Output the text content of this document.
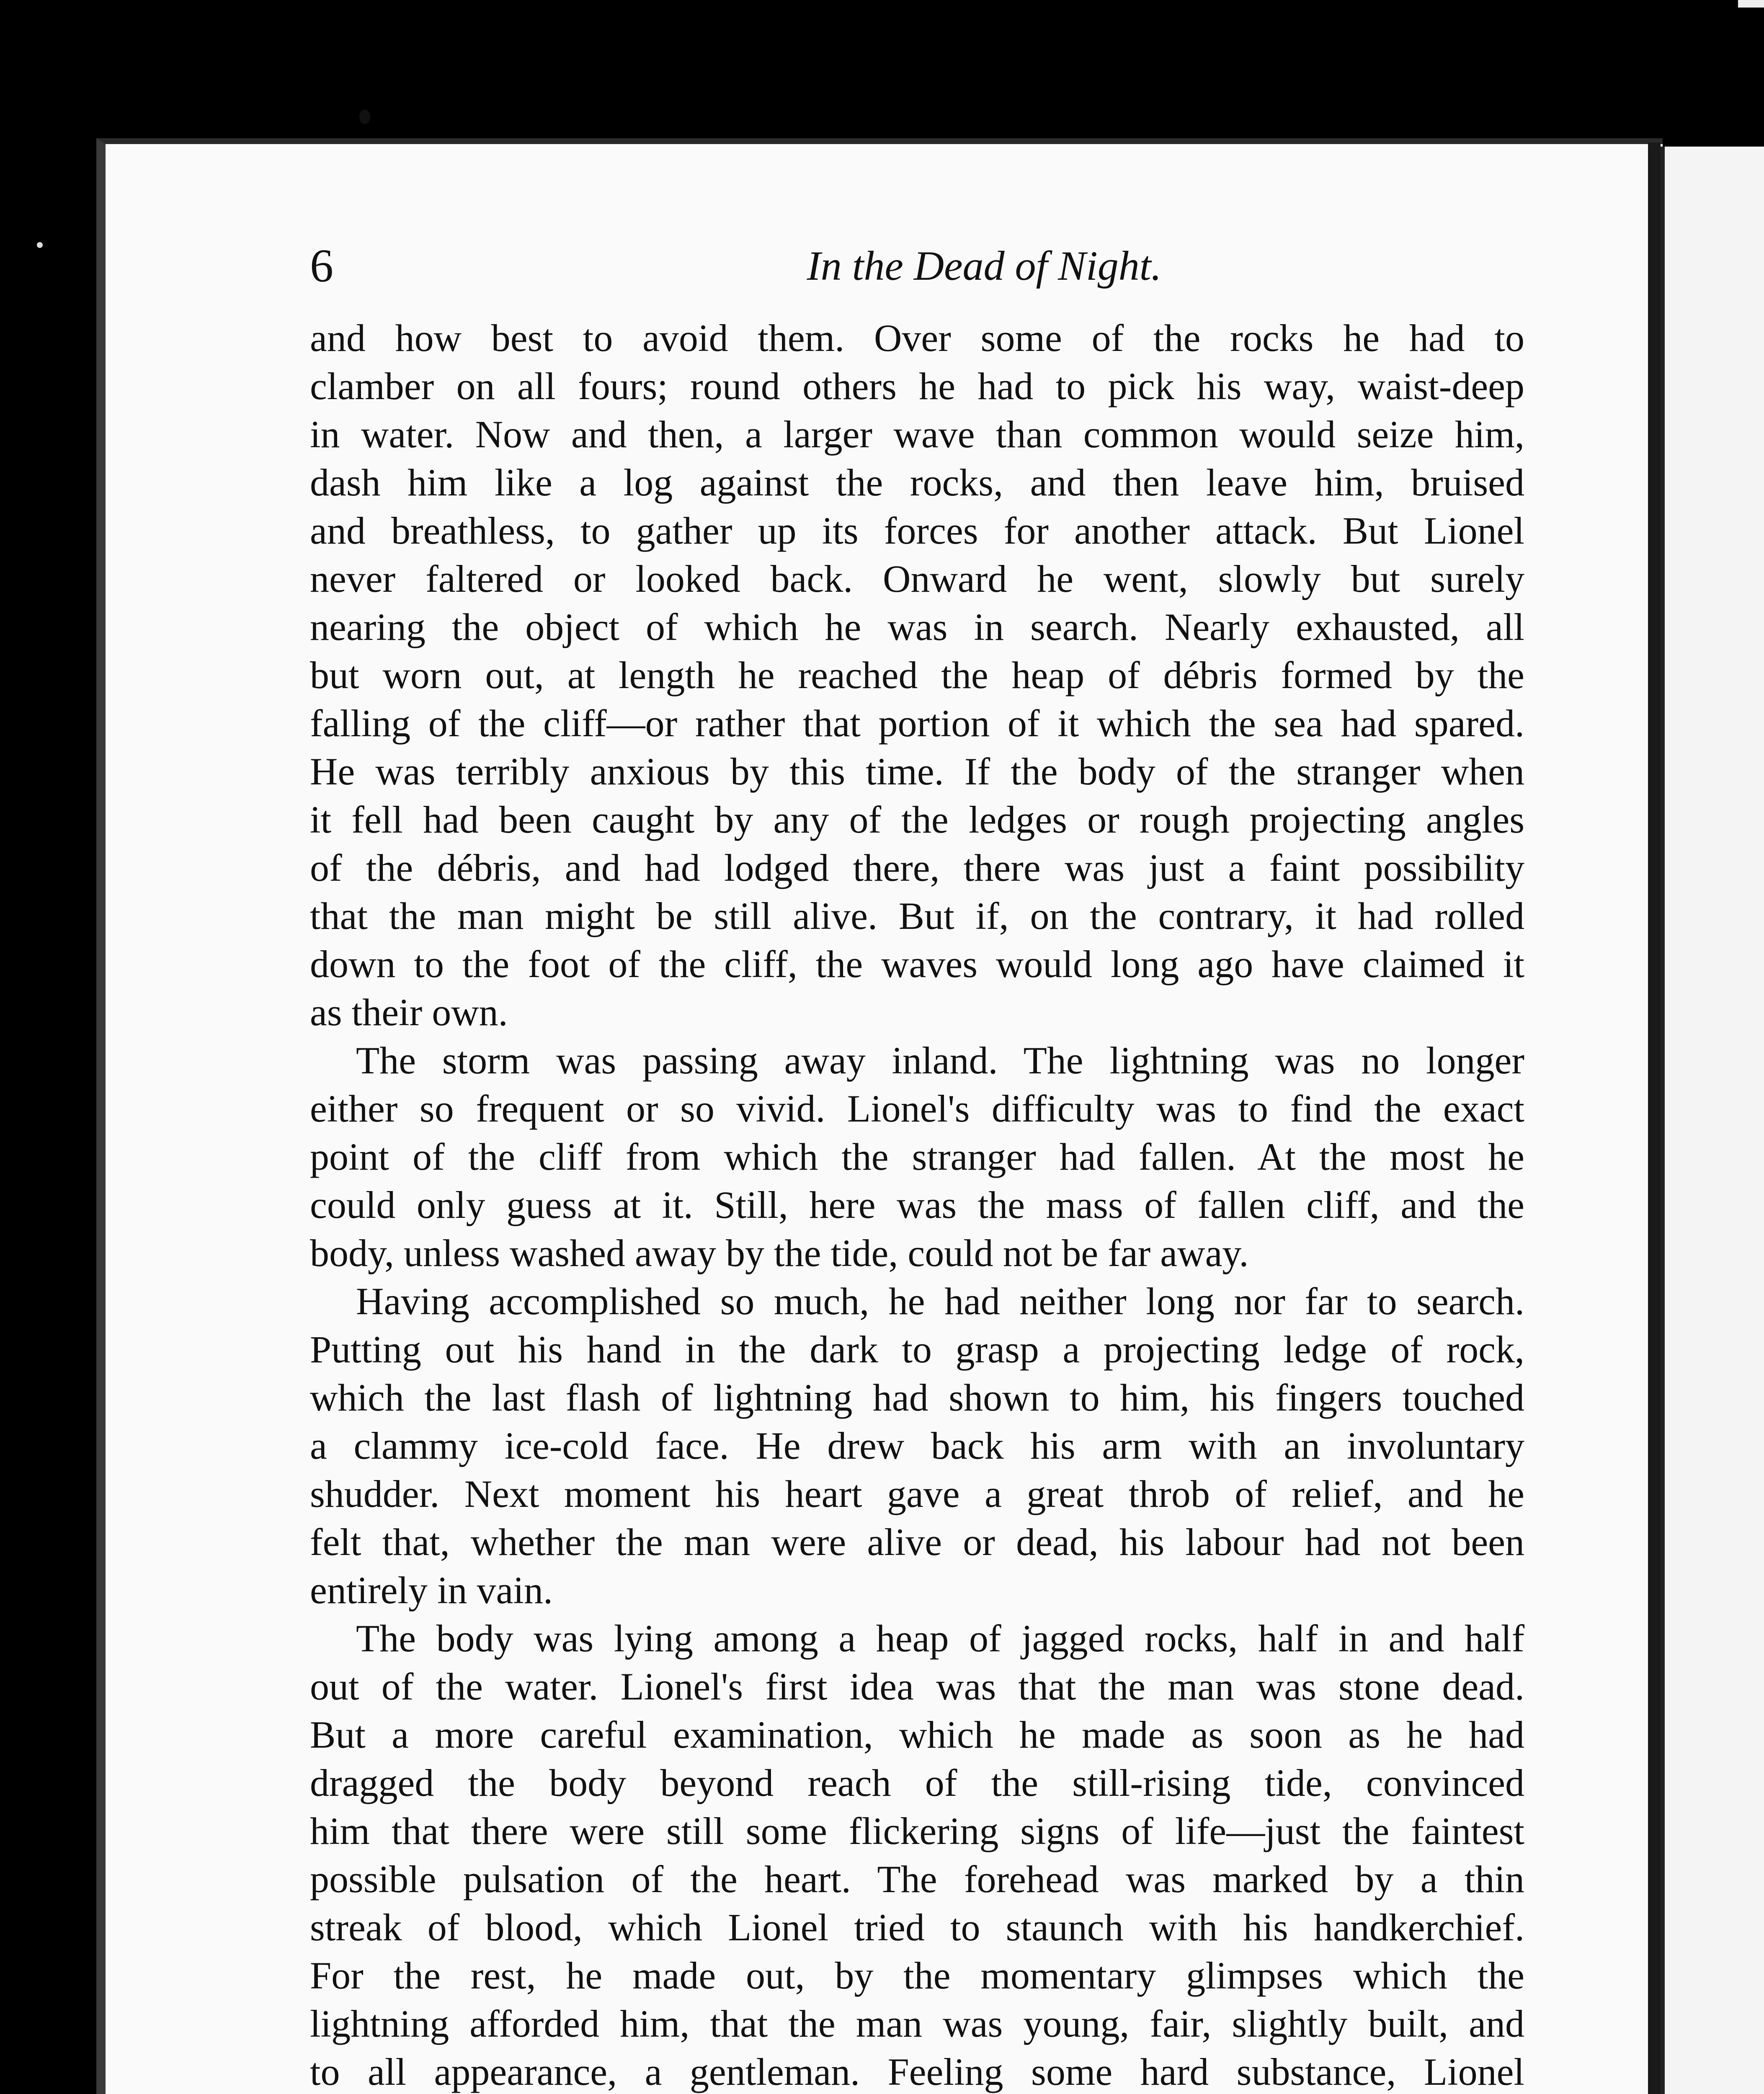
6	In the Dead of Night.

and how best to avoid them. Over some of the rocks he had to
clamber on all fours; round others he had to pick his way, waist-deep
in water. Now and then, a larger wave than common would seize him,
dash him like a log against the rocks, and then leave him, bruised
and breathless, to gather up its forces for another attack. But Lionel
never faltered or looked back. Onward he went, slowly but surely
nearing the object of which he was in search. Nearly exhausted, all
but worn out, at length he reached the heap of débris formed by the
falling of the cliff—or rather that portion of it which the sea had spared.
He was terribly anxious by this time. If the body of the stranger when
it fell had been caught by any of the ledges or rough projecting angles
of the débris, and had lodged there, there was just a faint possibility
that the man might be still alive. But if, on the contrary, it had rolled
down to the foot of the cliff, the waves would long ago have claimed it
as their own.

The storm was passing away inland. The lightning was no longer
either so frequent or so vivid. Lionel's difficulty was to find the exact
point of the cliff from which the stranger had fallen. At the most he
could only guess at it. Still, here was the mass of fallen cliff, and the
body, unless washed away by the tide, could not be far away.

Having accomplished so much, he had neither long nor far to search.
Putting out his hand in the dark to grasp a projecting ledge of rock,
which the last flash of lightning had shown to him, his fingers touched
a clammy ice-cold face. He drew back his arm with an involuntary
shudder. Next moment his heart gave a great throb of relief, and he
felt that, whether the man were alive or dead, his labour had not been
entirely in vain.

The body was lying among a heap of jagged rocks, half in and half
out of the water. Lionel's first idea was that the man was stone dead.
But a more careful examination, which he made as soon as he had
dragged the body beyond reach of the still-rising tide, convinced
him that there were still some flickering signs of life—just the faintest
possible pulsation of the heart. The forehead was marked by a thin
streak of blood, which Lionel tried to staunch with his handkerchief.
For the rest, he made out, by the momentary glimpses which the
lightning afforded him, that the man was young, fair, slightly built, and
to all appearance, a gentleman. Feeling some hard substance, Lionel
